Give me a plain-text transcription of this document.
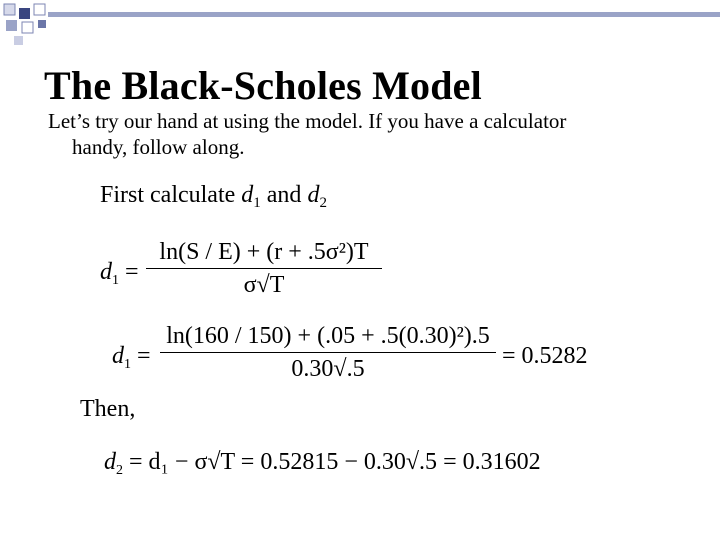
The Black-Scholes Model
Let’s try our hand at using the model. If you have a calculator
handy, follow along.
First calculate $d_1$ and $d_2$
$d_1$ =
ln(S / E) + (r + .5σ²)T
σ√T
$d_1$ =
ln(160 / 150) + (.05 + .5(0.30)²).5
0.30√.5	= 0.5282
Then,
$d_2 = d_1 - \sigma√T = 0.52815 - 0.30√.5 = 0.31602$
